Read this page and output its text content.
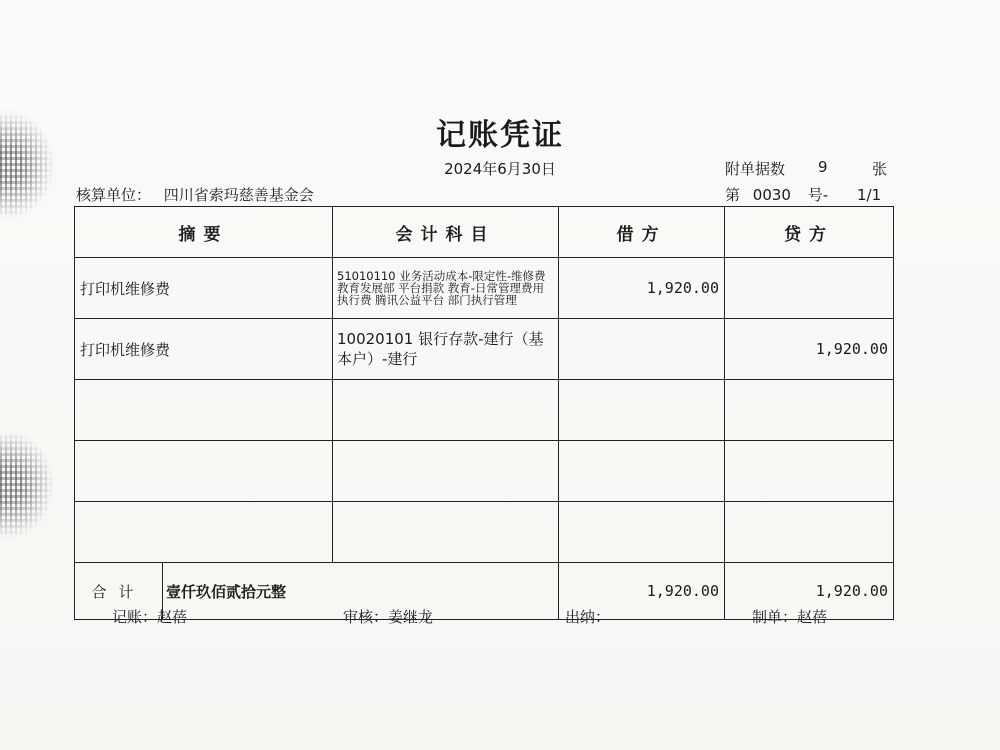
记账凭证
2024年6月30日	附单据数 9	张
核算单位： 四川省索玛慈善基金会	第 0030 号- 1/1
摘要		会计科目	借方	贷方
打印机维修费		51010110 业务活动成本-限定性-维修费 教育发展部 平台捐款 教育-日常管理费用 执行费 腾讯公益平台 部门执行管理	1,920.00	
打印机维修费		10020101 银行存款-建行（基本户）-建行		1,920.00

合计	壹仟玖佰贰拾元整		1,920.00	1,920.00
记账：赵蓓	审核：姜继龙	出纳：	制单：赵蓓
